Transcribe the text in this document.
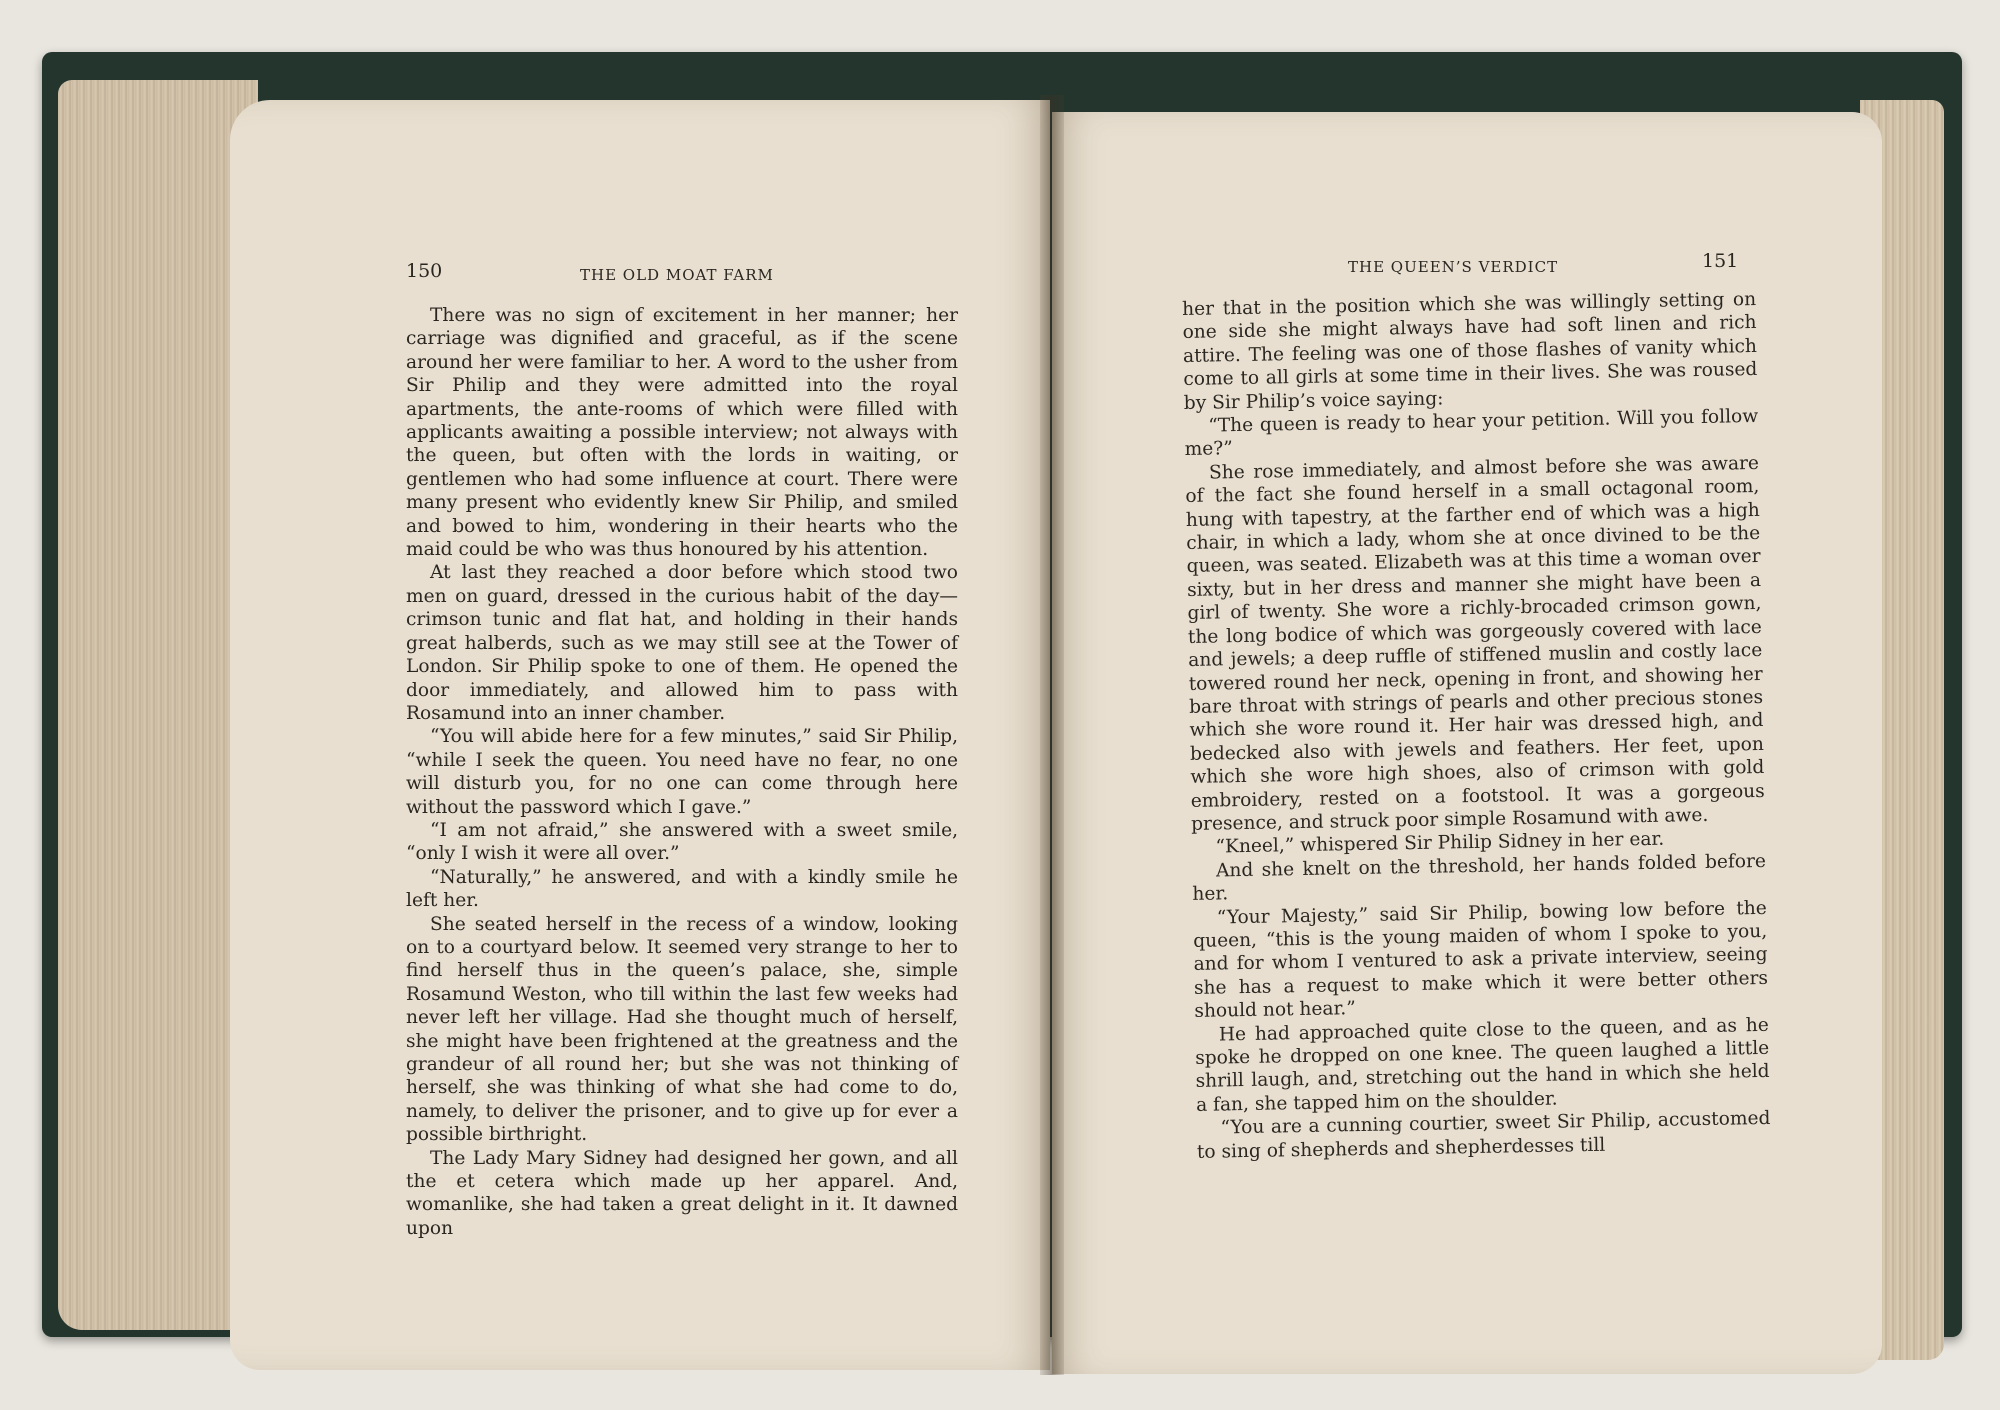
150	THE OLD MOAT FARM	THE QUEEN’S VERDICT	151

There was no sign of excitement in her manner; her carriage was dignified and graceful, as if the scene around her were familiar to her. A word to the usher from Sir Philip and they were admitted into the royal apartments, the ante-rooms of which were filled with applicants awaiting a possible interview; not always with the queen, but often with the lords in waiting, or gentlemen who had some influence at court. There were many present who evidently knew Sir Philip, and smiled and bowed to him, wondering in their hearts who the maid could be who was thus honoured by his attention.

At last they reached a door before which stood two men on guard, dressed in the curious habit of the day—crimson tunic and flat hat, and holding in their hands great halberds, such as we may still see at the Tower of London. Sir Philip spoke to one of them. He opened the door immediately, and allowed him to pass with Rosamund into an inner chamber.

“You will abide here for a few minutes,” said Sir Philip, “while I seek the queen. You need have no fear, no one will disturb you, for no one can come through here without the password which I gave.”

“I am not afraid,” she answered with a sweet smile, “only I wish it were all over.”

“Naturally,” he answered, and with a kindly smile he left her.

She seated herself in the recess of a window, looking on to a courtyard below. It seemed very strange to her to find herself thus in the queen’s palace, she, simple Rosamund Weston, who till within the last few weeks had never left her village. Had she thought much of herself, she might have been frightened at the greatness and the grandeur of all round her; but she was not thinking of herself, she was thinking of what she had come to do, namely, to deliver the prisoner, and to give up for ever a possible birthright.

The Lady Mary Sidney had designed her gown, and all the et cetera which made up her apparel. And, womanlike, she had taken a great delight in it. It dawned upon

her that in the position which she was willingly setting on one side she might always have had soft linen and rich attire. The feeling was one of those flashes of vanity which come to all girls at some time in their lives. She was roused by Sir Philip’s voice saying:

“The queen is ready to hear your petition. Will you follow me?”

She rose immediately, and almost before she was aware of the fact she found herself in a small octagonal room, hung with tapestry, at the farther end of which was a high chair, in which a lady, whom she at once divined to be the queen, was seated. Elizabeth was at this time a woman over sixty, but in her dress and manner she might have been a girl of twenty. She wore a richly-brocaded crimson gown, the long bodice of which was gorgeously covered with lace and jewels; a deep ruffle of stiffened muslin and costly lace towered round her neck, opening in front, and showing her bare throat with strings of pearls and other precious stones which she wore round it. Her hair was dressed high, and bedecked also with jewels and feathers. Her feet, upon which she wore high shoes, also of crimson with gold embroidery, rested on a footstool. It was a gorgeous presence, and struck poor simple Rosamund with awe.

“Kneel,” whispered Sir Philip Sidney in her ear.

And she knelt on the threshold, her hands folded before her.

“Your Majesty,” said Sir Philip, bowing low before the queen, “this is the young maiden of whom I spoke to you, and for whom I ventured to ask a private interview, seeing she has a request to make which it were better others should not hear.”

He had approached quite close to the queen, and as he spoke he dropped on one knee. The queen laughed a little shrill laugh, and, stretching out the hand in which she held a fan, she tapped him on the shoulder.

“You are a cunning courtier, sweet Sir Philip, accustomed to sing of shepherds and shepherdesses till
